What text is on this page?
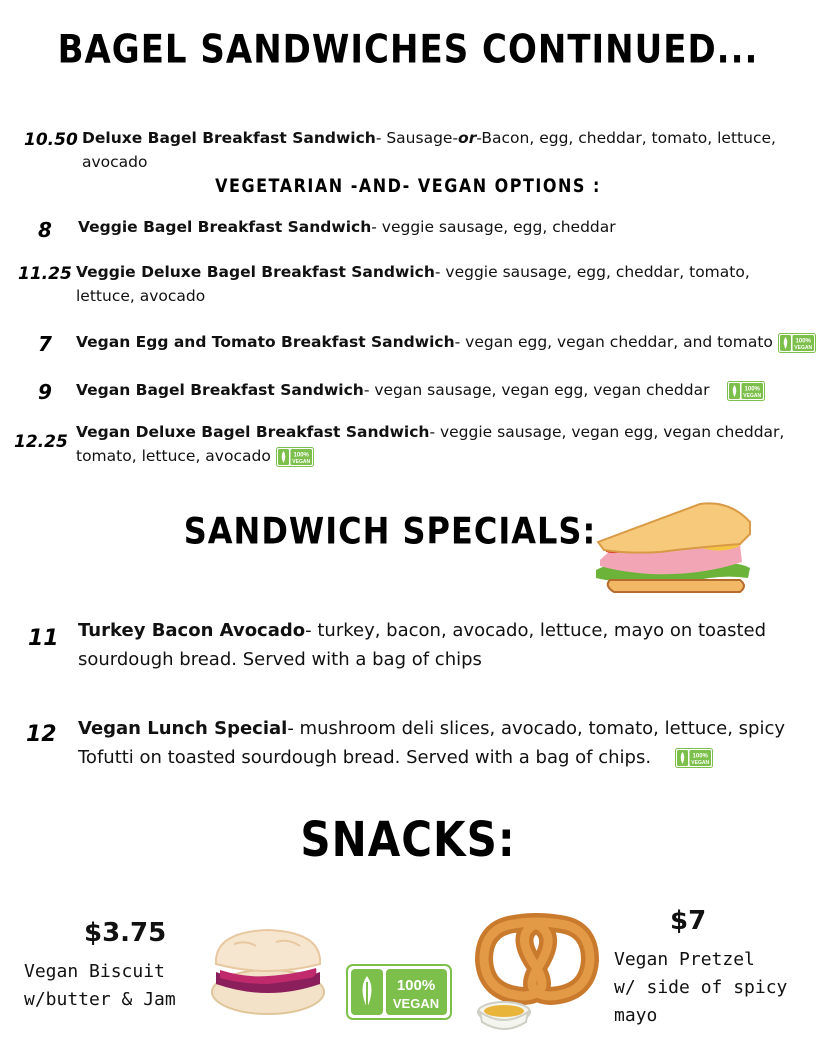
BAGEL SANDWICHES CONTINUED...
10.50 Deluxe Bagel Breakfast Sandwich- Sausage-or-Bacon, egg, cheddar, tomato, lettuce,
avocado
VEGETARIAN -AND- VEGAN OPTIONS :
8 Veggie Bagel Breakfast Sandwich- veggie sausage, egg, cheddar
11.25 Veggie Deluxe Bagel Breakfast Sandwich- veggie sausage, egg, cheddar, tomato,
lettuce, avocado
7 Vegan Egg and Tomato Breakfast Sandwich- vegan egg, vegan cheddar, and tomato	100%
VEGAN
9 Vegan Bagel Breakfast Sandwich- vegan sausage, vegan egg, vegan cheddar	100%
VEGAN
12.25 Vegan Deluxe Bagel Breakfast Sandwich- veggie sausage, vegan egg, vegan cheddar,
tomato, lettuce, avocado	100%
VEGAN
SANDWICH SPECIALS:
11 Turkey Bacon Avocado- turkey, bacon, avocado, lettuce, mayo on toasted
sourdough bread. Served with a bag of chips
12 Vegan Lunch Special- mushroom deli slices, avocado, tomato, lettuce, spicy
Tofutti on toasted sourdough bread. Served with a bag of chips.	100%
VEGAN
SNACKS:
$3.75
Vegan Biscuit
w/butter & Jam
100%
VEGAN
$7
Vegan Pretzel
w/ side of spicy
mayo
